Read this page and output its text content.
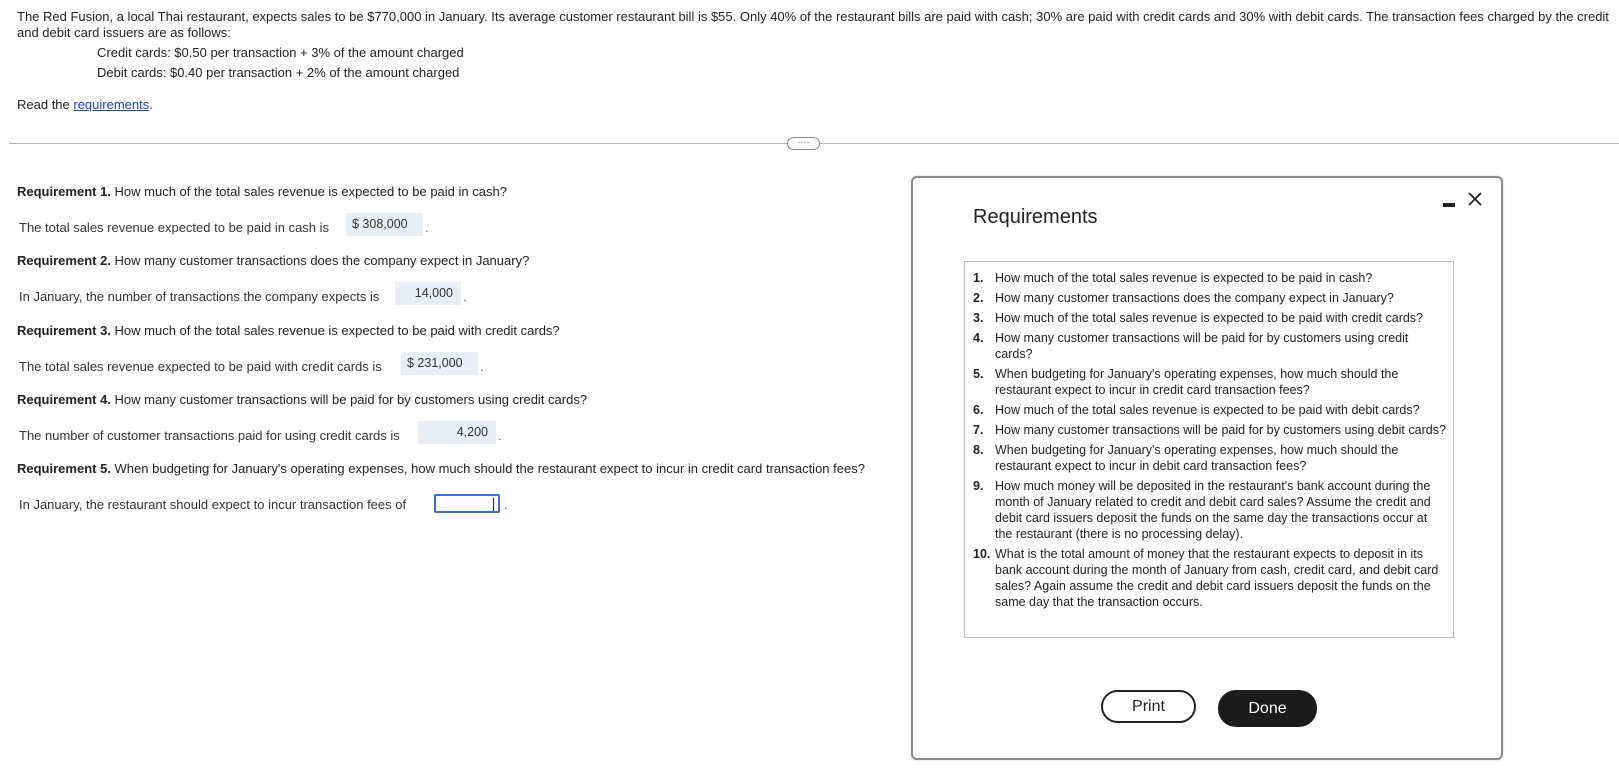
The Red Fusion, a local Thai restaurant, expects sales to be $770,000 in January. Its average customer restaurant bill is $55. Only 40% of the restaurant bills are paid with cash; 30% are paid with credit cards and 30% with debit cards. The transaction fees charged by the credit and debit card issuers are as follows:
Credit cards: $0.50 per transaction + 3% of the amount charged
Debit cards: $0.40 per transaction + 2% of the amount charged
Read the requirements.
····
Requirement 1. How much of the total sales revenue is expected to be paid in cash?
The total sales revenue expected to be paid in cash is	$ 308,000	.
Requirement 2. How many customer transactions does the company expect in January?
In January, the number of transactions the company expects is	14,000 .
Requirement 3. How much of the total sales revenue is expected to be paid with credit cards?
The total sales revenue expected to be paid with credit cards is	$ 231,000	.
Requirement 4. How many customer transactions will be paid for by customers using credit cards?
The number of customer transactions paid for using credit cards is	4,200 .
Requirement 5. When budgeting for January's operating expenses, how much should the restaurant expect to incur in credit card transaction fees?
In January, the restaurant should expect to incur transaction fees of	.
Requirements
1. How much of the total sales revenue is expected to be paid in cash?
2. How many customer transactions does the company expect in January?
3. How much of the total sales revenue is expected to be paid with credit cards?
4. How many customer transactions will be paid for by customers using credit cards?
5. When budgeting for January's operating expenses, how much should the restaurant expect to incur in credit card transaction fees?
6. How much of the total sales revenue is expected to be paid with debit cards?
7. How many customer transactions will be paid for by customers using debit cards?
8. When budgeting for January's operating expenses, how much should the restaurant expect to incur in debit card transaction fees?
9. How much money will be deposited in the restaurant's bank account during the month of January related to credit and debit card sales? Assume the credit and debit card issuers deposit the funds on the same day the transactions occur at the restaurant (there is no processing delay).
10. What is the total amount of money that the restaurant expects to deposit in its bank account during the month of January from cash, credit card, and debit card sales? Again assume the credit and debit card issuers deposit the funds on the same day that the transaction occurs.
Print	Done
